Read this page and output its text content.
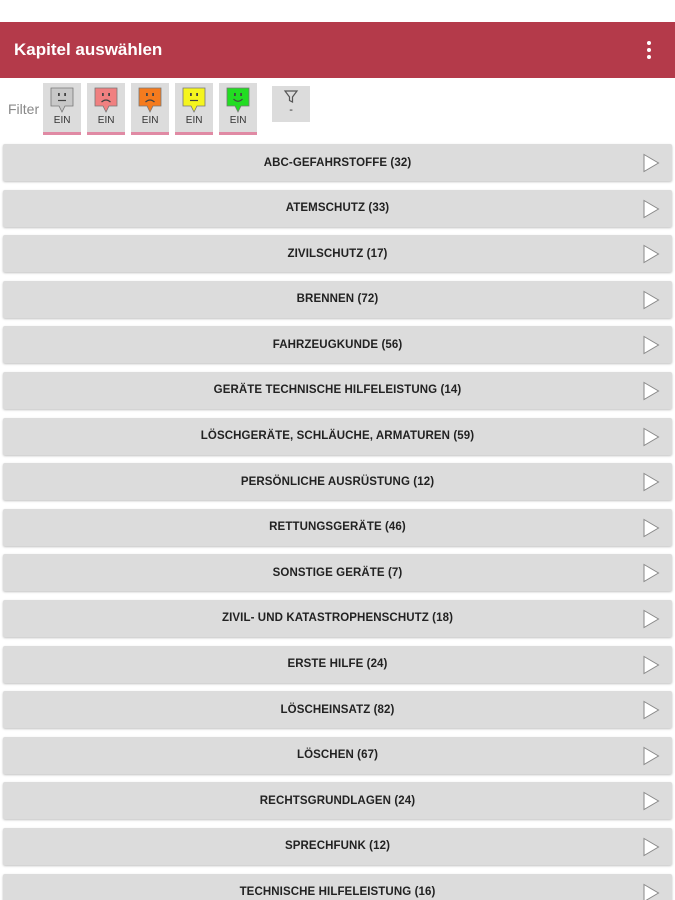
Kapitel auswählen
Filter
EIN	EIN	EIN	EIN	EIN
-
ABC-GEFAHRSTOFFE (32)
ATEMSCHUTZ (33)
ZIVILSCHUTZ (17)
BRENNEN (72)
FAHRZEUGKUNDE (56)
GERÄTE TECHNISCHE HILFELEISTUNG (14)
LÖSCHGERÄTE, SCHLÄUCHE, ARMATUREN (59)
PERSÖNLICHE AUSRÜSTUNG (12)
RETTUNGSGERÄTE (46)
SONSTIGE GERÄTE (7)
ZIVIL- UND KATASTROPHENSCHUTZ (18)
ERSTE HILFE (24)
LÖSCHEINSATZ (82)
LÖSCHEN (67)
RECHTSGRUNDLAGEN (24)
SPRECHFUNK (12)
TECHNISCHE HILFELEISTUNG (16)
